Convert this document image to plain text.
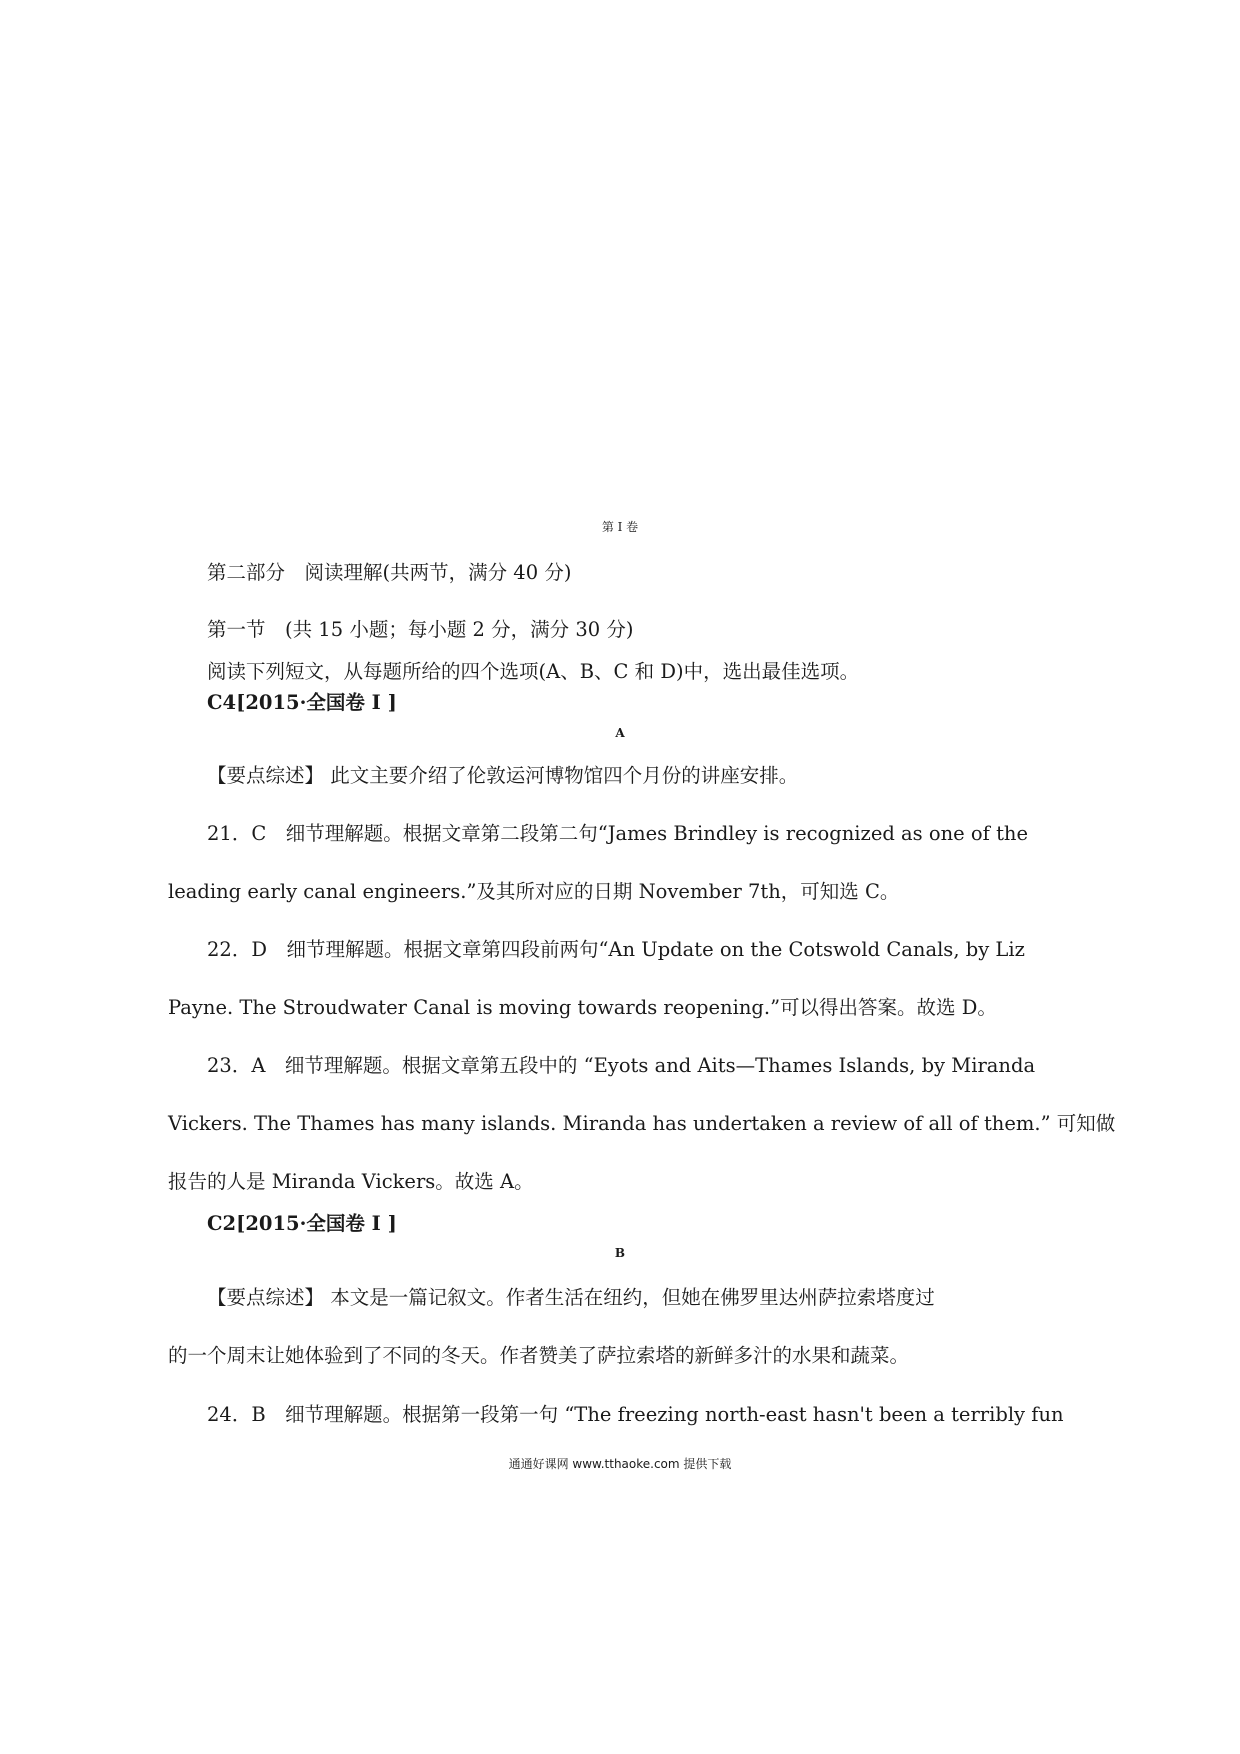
第 I 卷
第二部分　阅读理解(共两节，满分 40 分)
第一节　(共 15 小题；每小题 2 分，满分 30 分)
阅读下列短文，从每题所给的四个选项(A、B、C 和 D)中，选出最佳选项。
C4[2015·全国卷 I ]
A
【要点综述】 此文主要介绍了伦敦运河博物馆四个月份的讲座安排。
21．C　细节理解题。根据文章第二段第二句“James Brindley is recognized as one of the
leading early canal engineers.”及其所对应的日期 November 7th，可知选 C。
22．D　细节理解题。根据文章第四段前两句“An Update on the Cotswold Canals, by Liz
Payne. The Stroudwater Canal is moving towards reopening.”可以得出答案。故选 D。
23．A　细节理解题。根据文章第五段中的 “Eyots and Aits—Thames Islands, by Miranda
Vickers. The Thames has many islands. Miranda has undertaken a review of all of them.” 可知做
报告的人是 Miranda Vickers。故选 A。
C2[2015·全国卷 I ]
B
【要点综述】 本文是一篇记叙文。作者生活在纽约，但她在佛罗里达州萨拉索塔度过
的一个周末让她体验到了不同的冬天。作者赞美了萨拉索塔的新鲜多汁的水果和蔬菜。
24．B　细节理解题。根据第一段第一句 “The freezing north-east hasn't been a terribly fun
通通好课网 www.tthaoke.com 提供下载
